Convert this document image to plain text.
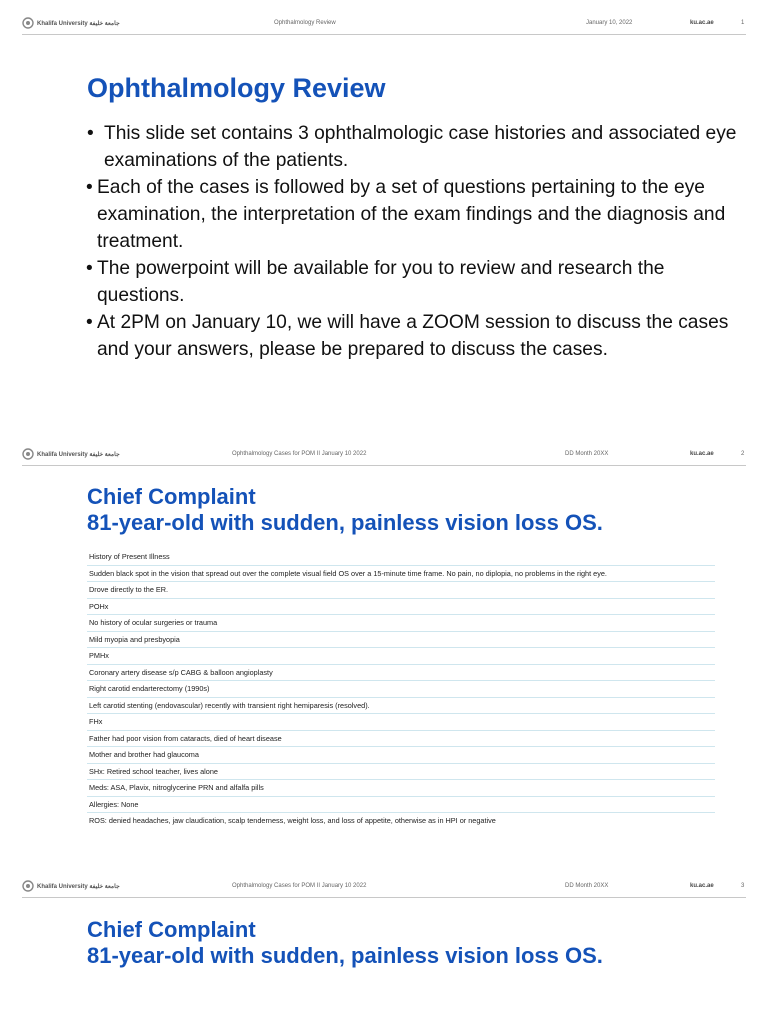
Khalifa University جامعة خليفة	Ophthalmology Review	January 10, 2022	ku.ac.ae	1
Ophthalmology Review
• This slide set contains 3 ophthalmologic case histories and associated eye examinations of the patients.
• Each of the cases is followed by a set of questions pertaining to the eye examination, the interpretation of the exam findings and the diagnosis and treatment.
• The powerpoint will be available for you to review and research the questions.
• At 2PM on January 10, we will have a ZOOM session to discuss the cases and your answers, please be prepared to discuss the cases.
Khalifa University جامعة خليفة	Ophthalmology Cases for POM II January 10 2022	DD Month 20XX	ku.ac.ae	2
Chief Complaint
81-year-old with sudden, painless vision loss OS.
History of Present Illness
Sudden black spot in the vision that spread out over the complete visual field OS over a 15-minute time frame. No pain, no diplopia, no problems in the right eye.
Drove directly to the ER.
POHx
No history of ocular surgeries or trauma
Mild myopia and presbyopia
PMHx
Coronary artery disease s/p CABG & balloon angioplasty
Right carotid endarterectomy (1990s)
Left carotid stenting (endovascular) recently with transient right hemiparesis (resolved).
FHx
Father had poor vision from cataracts, died of heart disease
Mother and brother had glaucoma
SHx: Retired school teacher, lives alone
Meds: ASA, Plavix, nitroglycerine PRN and alfalfa pills
Allergies: None
ROS: denied headaches, jaw claudication, scalp tenderness, weight loss, and loss of appetite, otherwise as in HPI or negative
Khalifa University جامعة خليفة	Ophthalmology Cases for POM II January 10 2022	DD Month 20XX	ku.ac.ae	3
Chief Complaint
81-year-old with sudden, painless vision loss OS.
